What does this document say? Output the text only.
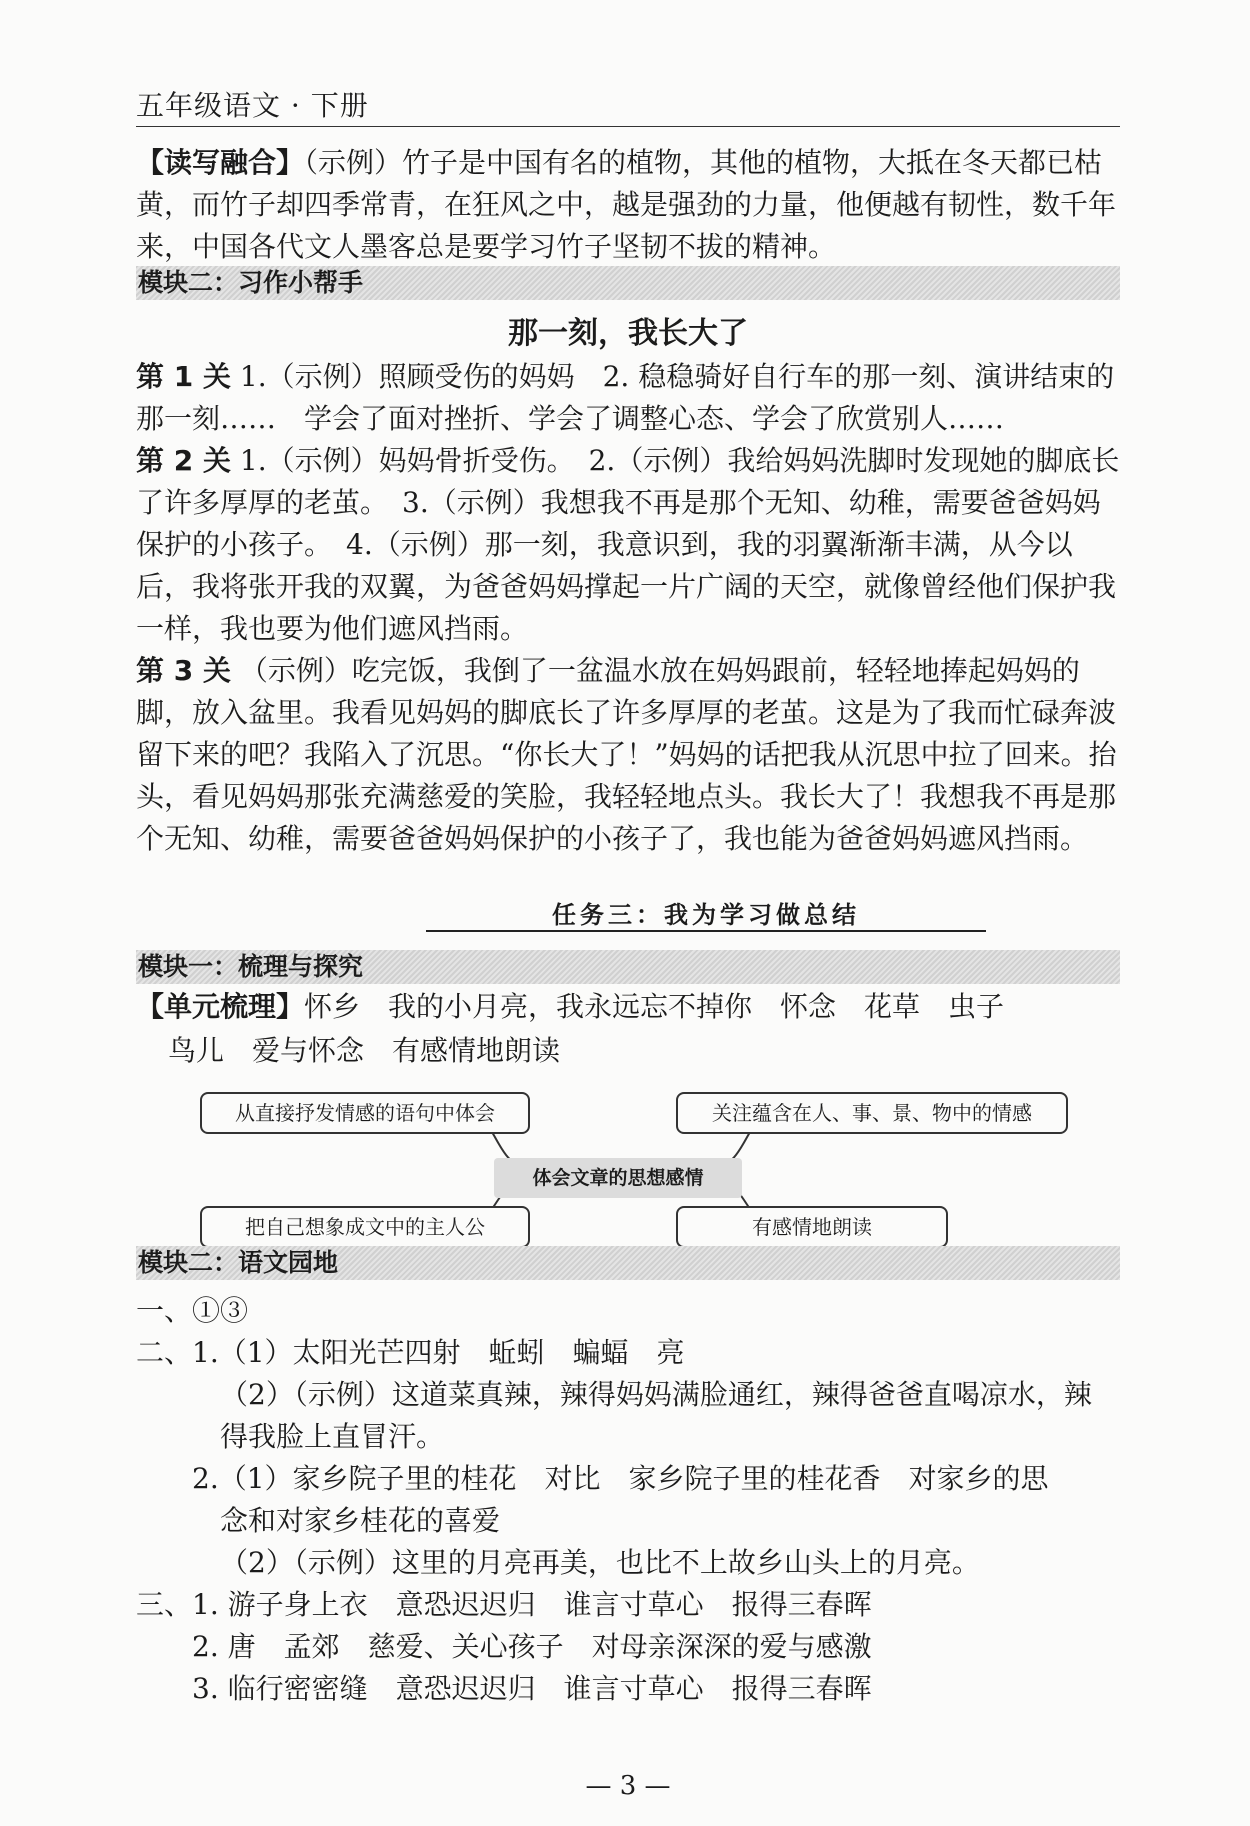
五年级语文 · 下册

【读写融合】（示例）竹子是中国有名的植物，其他的植物，大抵在冬天都已枯黄，而竹子却四季常青，在狂风之中，越是强劲的力量，他便越有韧性，数千年来，中国各代文人墨客总是要学习竹子坚韧不拔的精神。

模块二：习作小帮手
那一刻，我长大了

第 1 关 1.（示例）照顾受伤的妈妈　2. 稳稳骑好自行车的那一刻、演讲结束的那一刻……　学会了面对挫折、学会了调整心态、学会了欣赏别人……

第 2 关 1.（示例）妈妈骨折受伤。　2.（示例）我给妈妈洗脚时发现她的脚底长了许多厚厚的老茧。　3.（示例）我想我不再是那个无知、幼稚，需要爸爸妈妈保护的小孩子。　4.（示例）那一刻，我意识到，我的羽翼渐渐丰满，从今以后，我将张开我的双翼，为爸爸妈妈撑起一片广阔的天空，就像曾经他们保护我一样，我也要为他们遮风挡雨。

第 3 关 （示例）吃完饭，我倒了一盆温水放在妈妈跟前，轻轻地捧起妈妈的脚，放入盆里。我看见妈妈的脚底长了许多厚厚的老茧。这是为了我而忙碌奔波留下来的吧？我陷入了沉思。“你长大了！”妈妈的话把我从沉思中拉了回来。抬头，看见妈妈那张充满慈爱的笑脸，我轻轻地点头。我长大了！我想我不再是那个无知、幼稚，需要爸爸妈妈保护的小孩子了，我也能为爸爸妈妈遮风挡雨。

任务三：我为学习做总结
模块一：梳理与探究

【单元梳理】怀乡　我的小月亮，我永远忘不掉你　怀念　花草　虫子

鸟儿　爱与怀念　有感情地朗读

从直接抒发情感的语句中体会
把自己想象成文中的主人公
体会文章的思想感情
关注蕴含在人、事、景、物中的情感
有感情地朗读
模块二：语文园地

一、①③

二、1.（1）太阳光芒四射　蚯蚓　蝙蝠　亮

（2）（示例）这道菜真辣，辣得妈妈满脸通红，辣得爸爸直喝凉水，辣

得我脸上直冒汗。

2.（1）家乡院子里的桂花　对比　家乡院子里的桂花香　对家乡的思

念和对家乡桂花的喜爱

（2）（示例）这里的月亮再美，也比不上故乡山头上的月亮。

三、1. 游子身上衣　意恐迟迟归　谁言寸草心　报得三春晖

2. 唐　孟郊　慈爱、关心孩子　对母亲深深的爱与感激

3. 临行密密缝　意恐迟迟归　谁言寸草心　报得三春晖

— 3 —
